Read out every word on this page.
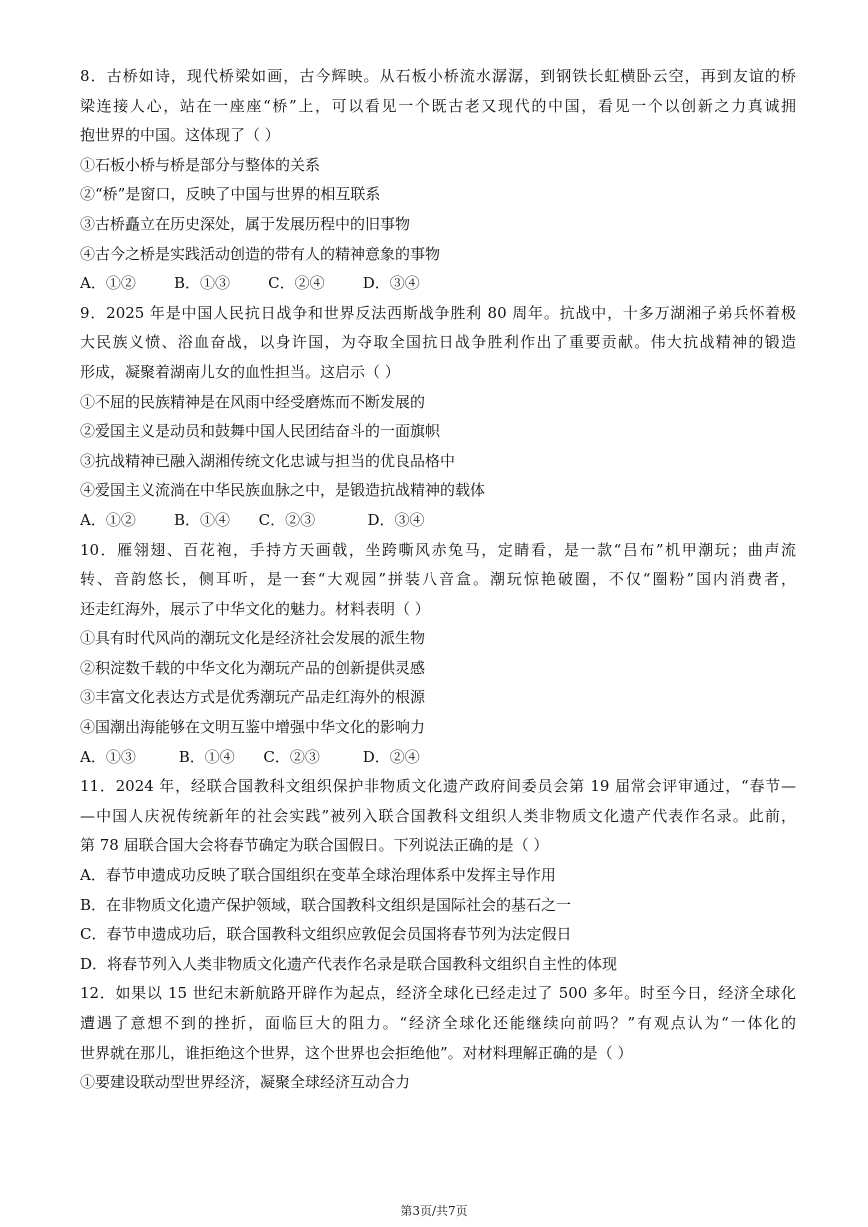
8．古桥如诗，现代桥梁如画，古今辉映。从石板小桥流水潺潺，到钢铁长虹横卧云空，再到友谊的桥

梁连接人心，站在一座座“桥”上，可以看见一个既古老又现代的中国，看见一个以创新之力真诚拥

抱世界的中国。这体现了（ ）

①石板小桥与桥是部分与整体的关系

②“桥”是窗口，反映了中国与世界的相互联系

③古桥矗立在历史深处，属于发展历程中的旧事物

④古今之桥是实践活动创造的带有人的精神意象的事物

A．①②        B．①③        C．②④        D．③④

9．2025 年是中国人民抗日战争和世界反法西斯战争胜利 80 周年。抗战中，十多万湖湘子弟兵怀着极

大民族义愤、浴血奋战，以身许国，为夺取全国抗日战争胜利作出了重要贡献。伟大抗战精神的锻造

形成，凝聚着湖南儿女的血性担当。这启示（ ）

①不屈的民族精神是在风雨中经受磨炼而不断发展的

②爱国主义是动员和鼓舞中国人民团结奋斗的一面旗帜

③抗战精神已融入湖湘传统文化忠诚与担当的优良品格中

④爱国主义流淌在中华民族血脉之中，是锻造抗战精神的载体

A．①②        B．①④      C．②③           D．③④

10．雁翎翅、百花袍，手持方天画戟，坐跨嘶风赤兔马，定睛看，是一款“吕布”机甲潮玩；曲声流

转、音韵悠长，侧耳听，是一套“大观园”拼装八音盒。潮玩惊艳破圈，不仅“圈粉”国内消费者，

还走红海外，展示了中华文化的魅力。材料表明（ ）

①具有时代风尚的潮玩文化是经济社会发展的派生物

②积淀数千载的中华文化为潮玩产品的创新提供灵感

③丰富文化表达方式是优秀潮玩产品走红海外的根源

④国潮出海能够在文明互鉴中增强中华文化的影响力

A．①③         B．①④      C．②③         D．②④

11．2024 年，经联合国教科文组织保护非物质文化遗产政府间委员会第 19 届常会评审通过，“春节—

—中国人庆祝传统新年的社会实践”被列入联合国教科文组织人类非物质文化遗产代表作名录。此前，

第 78 届联合国大会将春节确定为联合国假日。下列说法正确的是（ ）

A．春节申遗成功反映了联合国组织在变革全球治理体系中发挥主导作用

B．在非物质文化遗产保护领域，联合国教科文组织是国际社会的基石之一

C．春节申遗成功后，联合国教科文组织应敦促会员国将春节列为法定假日

D．将春节列入人类非物质文化遗产代表作名录是联合国教科文组织自主性的体现

12．如果以 15 世纪末新航路开辟作为起点，经济全球化已经走过了 500 多年。时至今日，经济全球化

遭遇了意想不到的挫折，面临巨大的阻力。“经济全球化还能继续向前吗？”有观点认为“一体化的

世界就在那儿，谁拒绝这个世界，这个世界也会拒绝他”。对材料理解正确的是（ ）

①要建设联动型世界经济，凝聚全球经济互动合力

第3页/共7页
